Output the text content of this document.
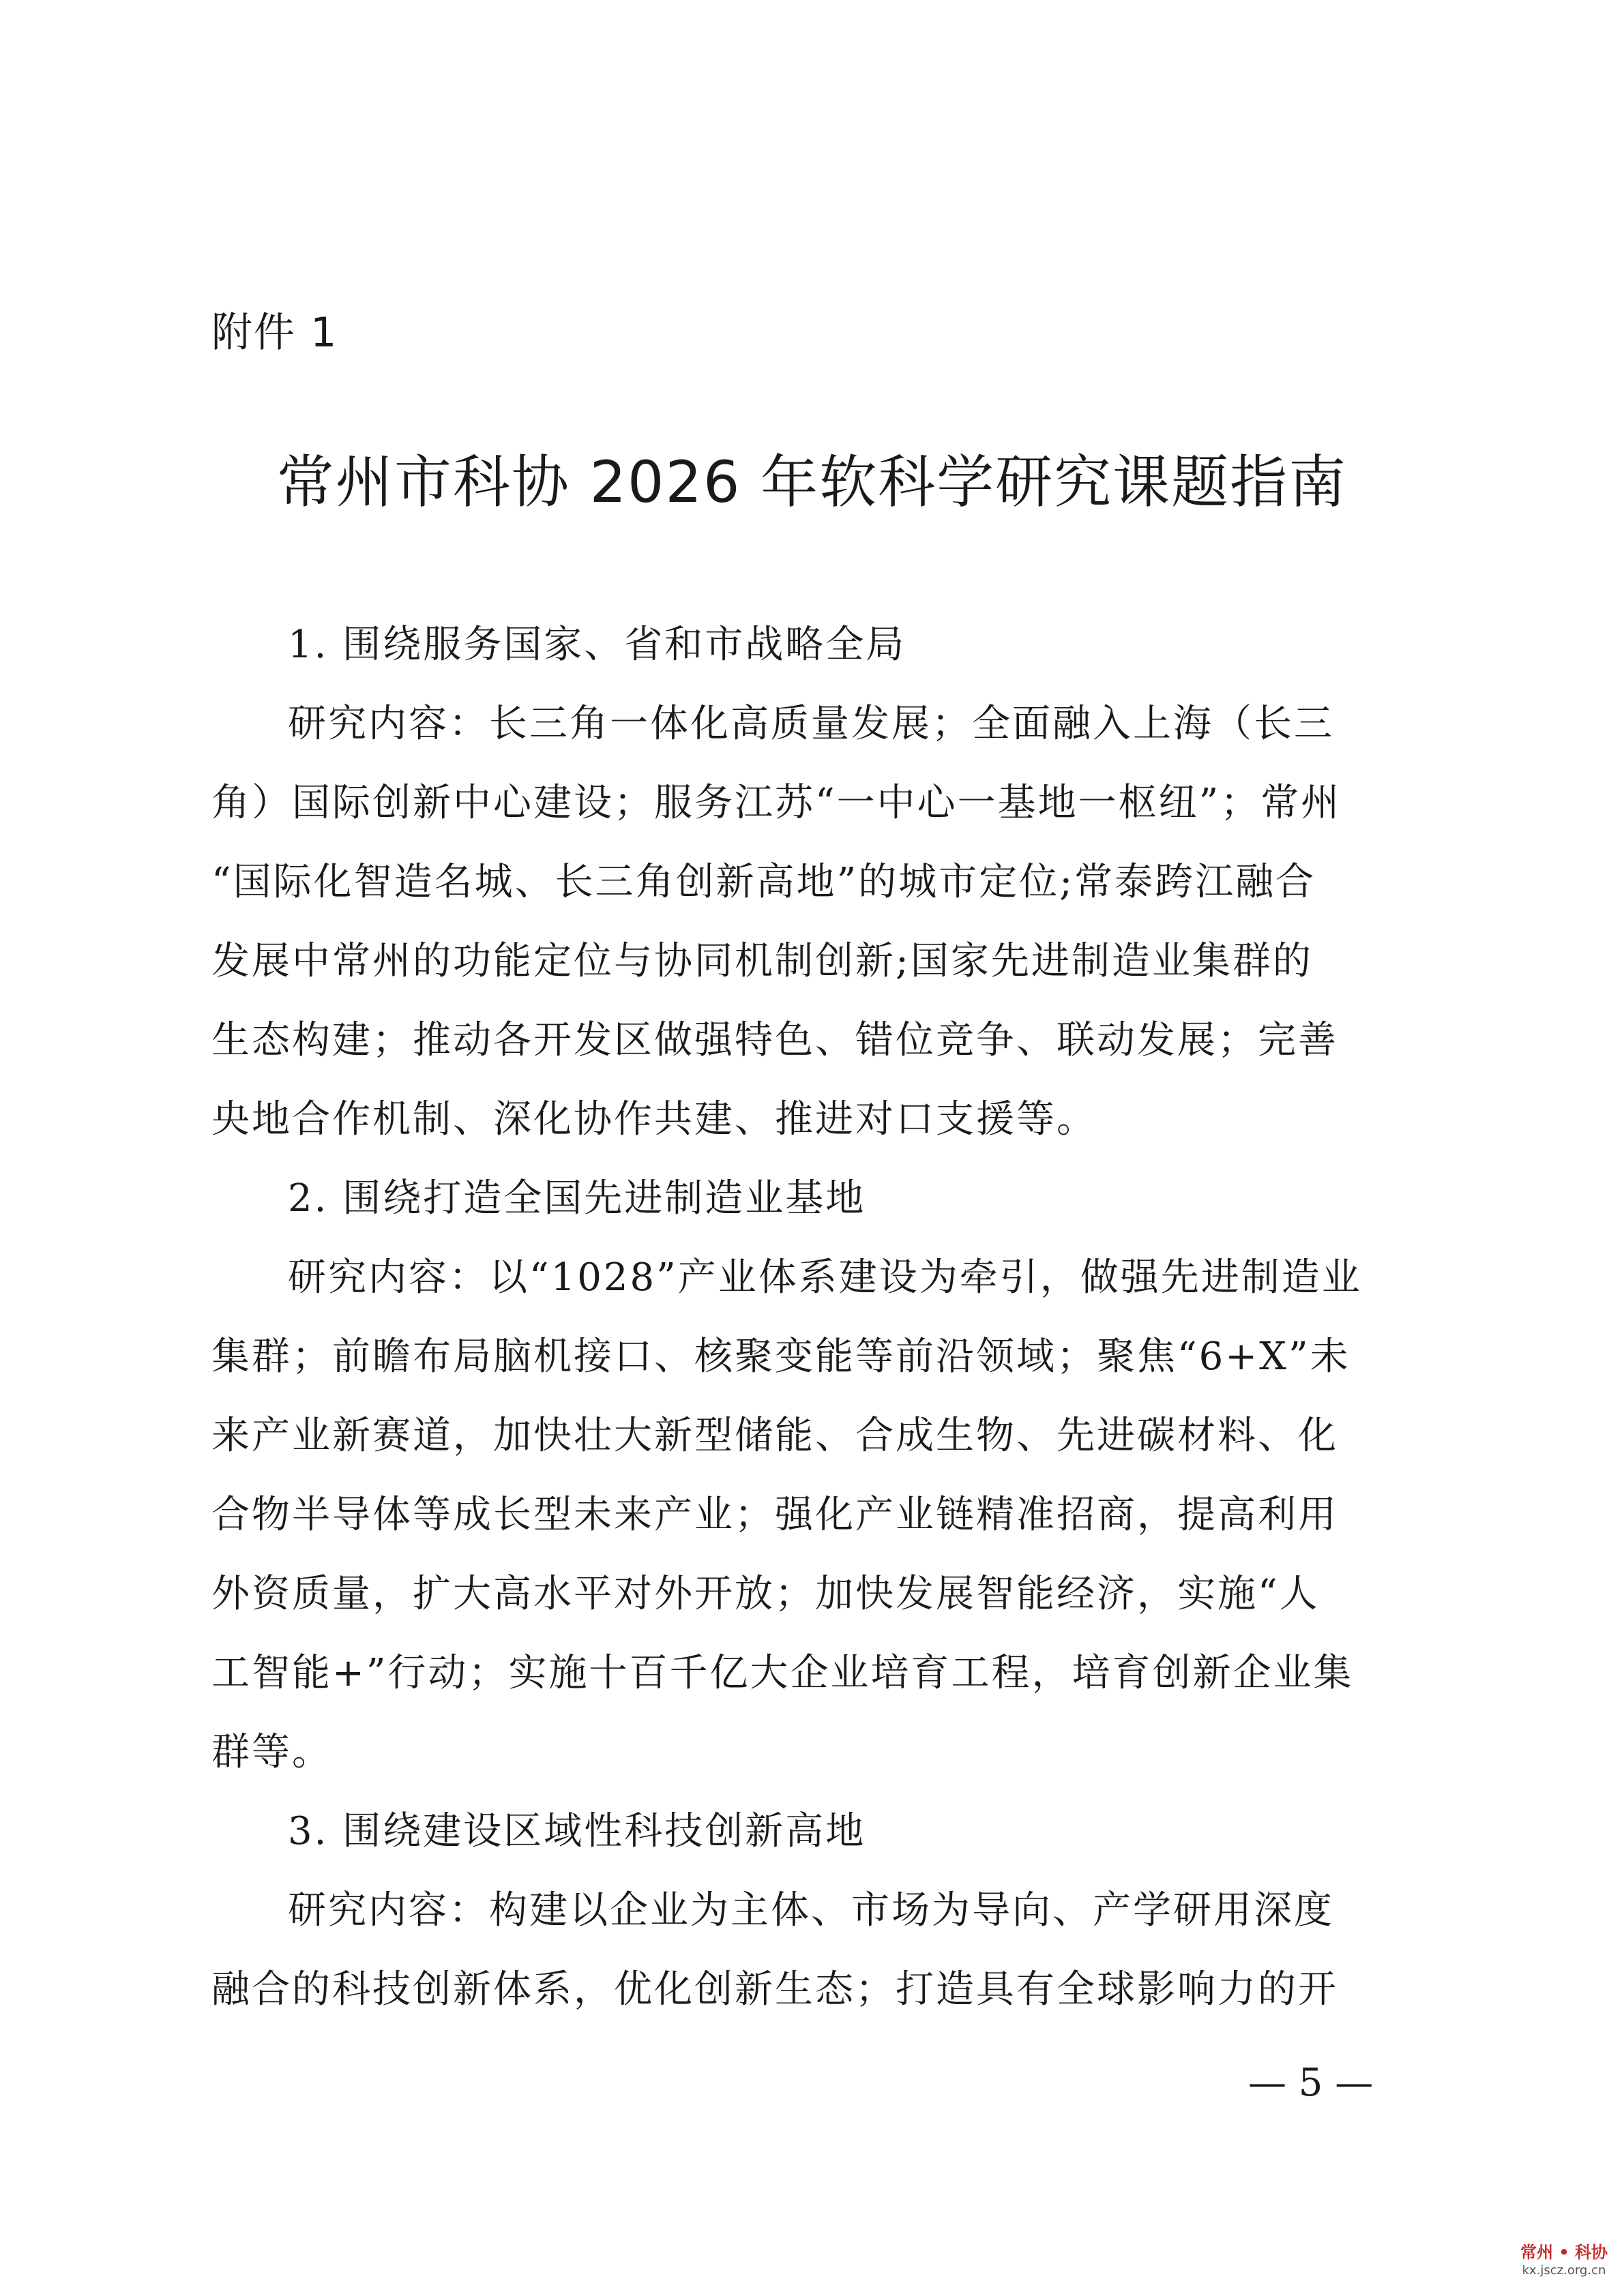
附件 1
常州市科协 2026 年软科学研究课题指南
1. 围绕服务国家、省和市战略全局
研究内容：长三角一体化高质量发展；全面融入上海（长三
角）国际创新中心建设；服务江苏“一中心一基地一枢纽”；常州
“国际化智造名城、长三角创新高地”的城市定位;常泰跨江融合
发展中常州的功能定位与协同机制创新;国家先进制造业集群的
生态构建；推动各开发区做强特色、错位竞争、联动发展；完善
央地合作机制、深化协作共建、推进对口支援等。
2. 围绕打造全国先进制造业基地
研究内容：以“1028”产业体系建设为牵引，做强先进制造业
集群；前瞻布局脑机接口、核聚变能等前沿领域；聚焦“6+X”未
来产业新赛道，加快壮大新型储能、合成生物、先进碳材料、化
合物半导体等成长型未来产业；强化产业链精准招商，提高利用
外资质量，扩大高水平对外开放；加快发展智能经济，实施“人
工智能+”行动；实施十百千亿大企业培育工程，培育创新企业集
群等。
3. 围绕建设区域性科技创新高地
研究内容：构建以企业为主体、市场为导向、产学研用深度
融合的科技创新体系，优化创新生态；打造具有全球影响力的开
— 5 —
常州 • 科协
kx.jscz.org.cn
